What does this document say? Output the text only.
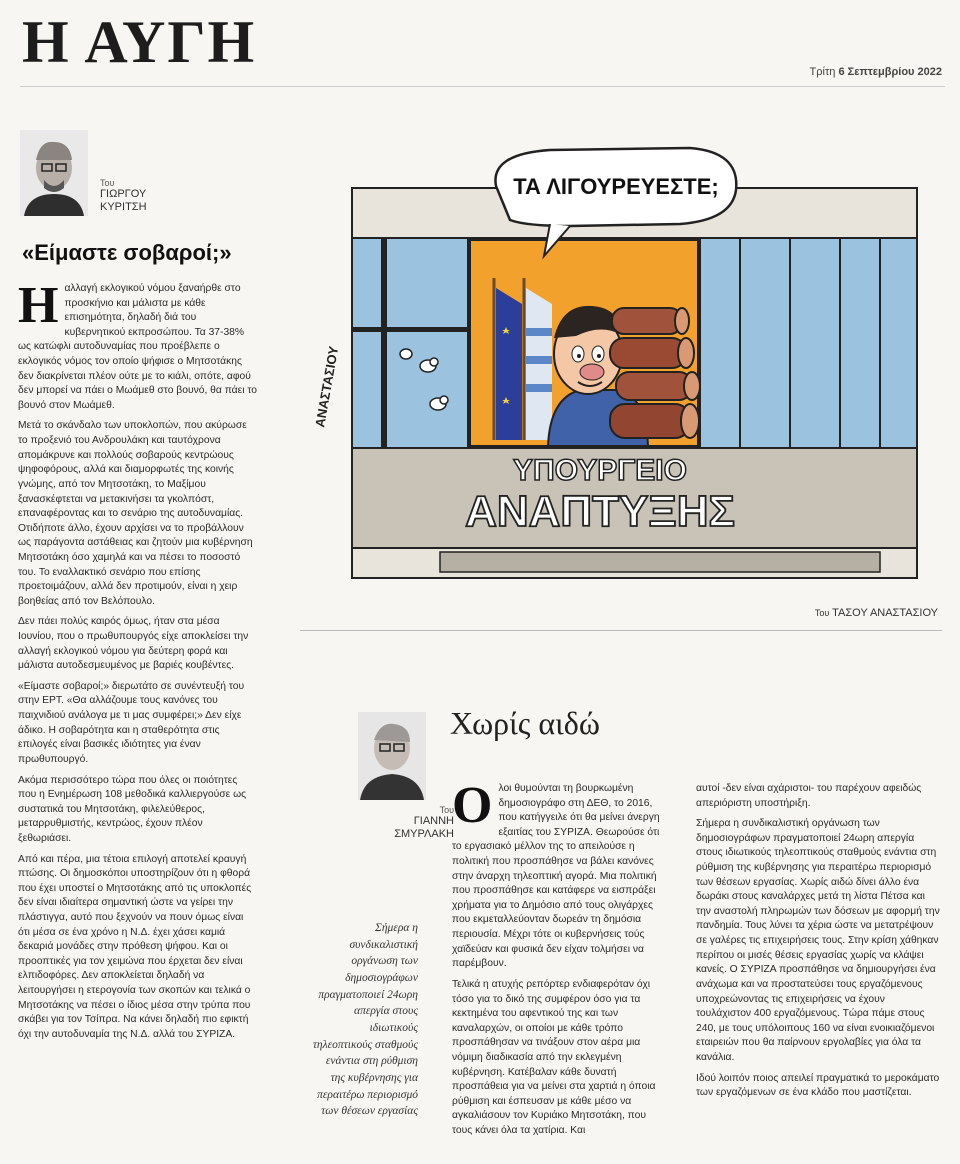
Η ΑΥΓΗ	Τρίτη 6 Σεπτεμβρίου 2022
Του
ΓΙΩΡΓΟΥ
ΚΥΡΙΤΣΗ
«Είμαστε σοβαροί;»

Ηαλλαγή εκλογικού νόμου ξαναήρθε στο προσκήνιο και μάλιστα με κάθε επισημότητα, δηλαδή διά του κυβερνητικού εκπροσώπου. Τα 37-38% ως κατώφλι αυτοδυναμίας που προέβλεπε ο εκλογικός νόμος τον οποίο ψήφισε ο Μητσοτάκης δεν διακρίνεται πλέον ούτε με το κιάλι, οπότε, αφού δεν μπορεί να πάει ο Μωάμεθ στο βουνό, θα πάει το βουνό στον Μωάμεθ.

Μετά το σκάνδαλο των υποκλοπών, που ακύρωσε το προξενιό του Ανδρουλάκη και ταυτόχρονα απομάκρυνε και πολλούς σοβαρούς κεντρώους ψηφοφόρους, αλλά και διαμορφωτές της κοινής γνώμης, από τον Μητσοτάκη, το Μαξίμου ξανασκέφτεται να μετακινήσει τα γκολπόστ, επαναφέροντας και το σενάριο της αυτοδυναμίας. Οτιδήποτε άλλο, έχουν αρχίσει να το προβάλλουν ως παράγοντα αστάθειας και ζητούν μια κυβέρνηση Μητσοτάκη όσο χαμηλά και να πέσει το ποσοστό του. Το εναλλακτικό σενάριο που επίσης προετοιμάζουν, αλλά δεν προτιμούν, είναι η χειρ βοηθείας από τον Βελόπουλο.

Δεν πάει πολύς καιρός όμως, ήταν στα μέσα Ιουνίου, που ο πρωθυπουργός είχε αποκλείσει την αλλαγή εκλογικού νόμου για δεύτερη φορά και μάλιστα αυτοδεσμευμένος με βαριές κουβέντες.

«Είμαστε σοβαροί;» διερωτάτο σε συνέντευξή του στην ΕΡΤ. «Θα αλλάζουμε τους κανόνες του παιχνιδιού ανάλογα με τι μας συμφέρει;» Δεν είχε άδικο. Η σοβαρότητα και η σταθερότητα στις επιλογές είναι βασικές ιδιότητες για έναν πρωθυπουργό.

Ακόμα περισσότερο τώρα που όλες οι ποιότητες που η Ενημέρωση 108 μεθοδικά καλλιεργούσε ως συστατικά του Μητσοτάκη, φιλελεύθερος, μεταρρυθμιστής, κεντρώος, έχουν πλέον ξεθωριάσει.

Από και πέρα, μια τέτοια επιλογή αποτελεί κραυγή πτώσης. Οι δημοσκόποι υποστηρίζουν ότι η φθορά που έχει υποστεί ο Μητσοτάκης από τις υποκλοπές δεν είναι ιδιαίτερα σημαντική ώστε να γείρει την πλάστιγγα, αυτό που ξεχνούν να πουν όμως είναι ότι μέσα σε ένα χρόνο η Ν.Δ. έχει χάσει καμιά δεκαριά μονάδες στην πρόθεση ψήφου. Και οι προοπτικές για τον χειμώνα που έρχεται δεν είναι ελπιδοφόρες. Δεν αποκλείεται δηλαδή να λειτουργήσει η ετερογονία των σκοπών και τελικά ο Μητσοτάκης να πέσει ο ίδιος μέσα στην τρύπα που σκάβει για τον Τσίπρα. Να κάνει δηλαδή πιο εφικτή όχι την αυτοδυναμία της Ν.Δ. αλλά του ΣΥΡΙΖΑ.

ΤΑ ΛΙΓΟΥΡΕΥΕΣΤΕ;
ΥΠΟΥΡΓΕΙΟ
ΑΝΑΠΤΥΞΗΣ
ΑΝΑΣΤΑΣΙΟΥ
Του ΤΑΣΟΥ ΑΝΑΣΤΑΣΙΟΥ
Του
ΓΙΑΝΝΗ
ΣΜΥΡΛΑΚΗ
Χωρίς αιδώ
Σήμερα η συνδικαλιστική οργάνωση των δημοσιογράφων πραγματοποιεί 24ωρη απεργία στους ιδιωτικούς τηλεοπτικούς σταθμούς ενάντια στη ρύθμιση της κυβέρνησης για περαιτέρω περιορισμό των θέσεων εργασίας

Ολοι θυμούνται τη βουρκωμένη δημοσιογράφο στη ΔΕΘ, το 2016, που κατήγγειλε ότι θα μείνει άνεργη εξαιτίας του ΣΥΡΙΖΑ. Θεωρούσε ότι το εργασιακό μέλλον της το απειλούσε η πολιτική που προσπάθησε να βάλει κανόνες στην άναρχη τηλεοπτική αγορά. Μια πολιτική που προσπάθησε και κατάφερε να εισπράξει χρήματα για το Δημόσιο από τους ολιγάρχες που εκμεταλλεύονταν δωρεάν τη δημόσια περιουσία. Μέχρι τότε οι κυβερνήσεις τούς χαϊδεύαν και φυσικά δεν είχαν τολμήσει να παρέμβουν.

Τελικά η ατυχής ρεπόρτερ ενδιαφερόταν όχι τόσο για το δικό της συμφέρον όσο για τα κεκτημένα του αφεντικού της και των καναλαρχών, οι οποίοι με κάθε τρόπο προσπάθησαν να τινάξουν στον αέρα μια νόμιμη διαδικασία από την εκλεγμένη κυβέρνηση. Κατέβαλαν κάθε δυνατή προσπάθεια για να μείνει στα χαρτιά η όποια ρύθμιση και έσπευσαν με κάθε μέσο να αγκαλιάσουν τον Κυριάκο Μητσοτάκη, που τους κάνει όλα τα χατίρια. Και

αυτοί -δεν είναι αχάριστοι- του παρέχουν αφειδώς απεριόριστη υποστήριξη.

Σήμερα η συνδικαλιστική οργάνωση των δημοσιογράφων πραγματοποιεί 24ωρη απεργία στους ιδιωτικούς τηλεοπτικούς σταθμούς ενάντια στη ρύθμιση της κυβέρνησης για περαιτέρω περιορισμό των θέσεων εργασίας. Χωρίς αιδώ δίνει άλλο ένα δωράκι στους καναλάρχες μετά τη λίστα Πέτσα και την αναστολή πληρωμών των δόσεων με αφορμή την πανδημία. Τους λύνει τα χέρια ώστε να μετατρέψουν σε γαλέρες τις επιχειρήσεις τους. Στην κρίση χάθηκαν περίπου οι μισές θέσεις εργασίας χωρίς να κλάψει κανείς. Ο ΣΥΡΙΖΑ προσπάθησε να δημιουργήσει ένα ανάχωμα και να προστατεύσει τους εργαζόμενους υποχρεώνοντας τις επιχειρήσεις να έχουν τουλάχιστον 400 εργαζόμενους. Τώρα πάμε στους 240, με τους υπόλοιπους 160 να είναι ενοικιαζόμενοι εταιρειών που θα παίρνουν εργολαβίες για όλα τα κανάλια.

Ιδού λοιπόν ποιος απειλεί πραγματικά το μεροκάματο των εργαζόμενων σε ένα κλάδο που μαστίζεται.
